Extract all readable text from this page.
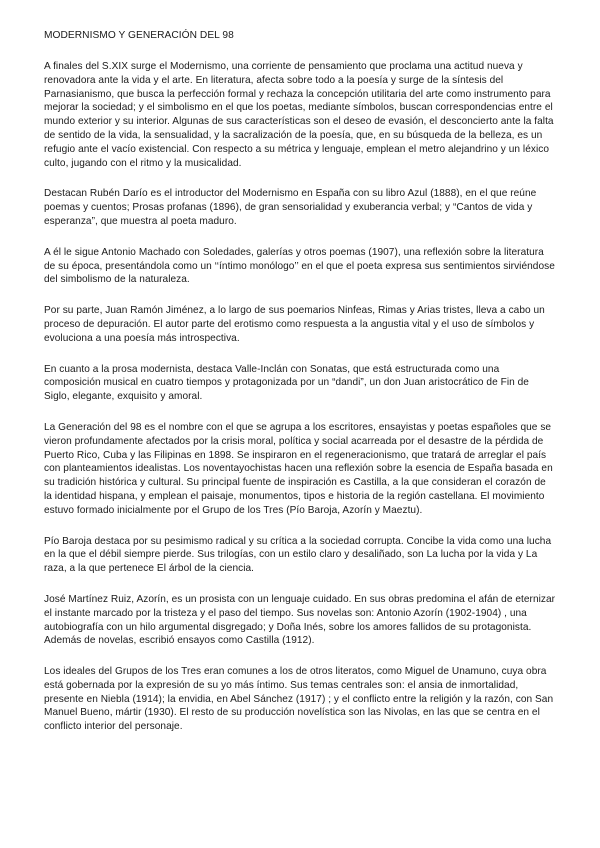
MODERNISMO Y GENERACIÓN DEL 98

A finales del S.XIX surge el Modernismo, una corriente de pensamiento que proclama una actitud nueva y renovadora ante la vida y el arte. En literatura, afecta sobre todo a la poesía y surge de la síntesis del Parnasianismo, que busca la perfección formal y rechaza la concepción utilitaria del arte como instrumento para mejorar la sociedad; y el simbolismo en el que los poetas, mediante símbolos, buscan correspondencias entre el mundo exterior y su interior. Algunas de sus características son el deseo de evasión, el desconcierto ante la falta de sentido de la vida, la sensualidad, y la sacralización de la poesía, que, en su búsqueda de la belleza, es un refugio ante el vacío existencial. Con respecto a su métrica y lenguaje, emplean el metro alejandrino y un léxico culto, jugando con el ritmo y la musicalidad.

Destacan Rubén Darío es el introductor del Modernismo en España con su libro Azul (1888), en el que reúne poemas y cuentos; Prosas profanas (1896), de gran sensorialidad y exuberancia verbal; y “Cantos de vida y esperanza”, que muestra al poeta maduro.

A él le sigue Antonio Machado con Soledades, galerías y otros poemas (1907), una reflexión sobre la literatura de su época, presentándola como un ‘‘íntimo monólogo’’ en el que el poeta expresa sus sentimientos sirviéndose del simbolismo de la naturaleza.

Por su parte, Juan Ramón Jiménez, a lo largo de sus poemarios Ninfeas, Rimas y Arias tristes, lleva a cabo un proceso de depuración. El autor parte del erotismo como respuesta a la angustia vital y el uso de símbolos y evoluciona a una poesía más introspectiva.

En cuanto a la prosa modernista, destaca Valle-Inclán con Sonatas, que está estructurada como una composición musical en cuatro tiempos y protagonizada por un “dandi”, un don Juan aristocrático de Fin de Siglo, elegante, exquisito y amoral.

La Generación del 98 es el nombre con el que se agrupa a los escritores, ensayistas y poetas españoles que se vieron profundamente afectados por la crisis moral, política y social acarreada por el desastre de la pérdida de Puerto Rico, Cuba y las Filipinas en 1898. Se inspiraron en el regeneracionismo, que tratará de arreglar el país con planteamientos idealistas. Los noventayochistas hacen una reflexión sobre la esencia de España basada en su tradición histórica y cultural. Su principal fuente de inspiración es Castilla, a la que consideran el corazón de la identidad hispana, y emplean el paisaje, monumentos, tipos e historia de la región castellana. El movimiento estuvo formado inicialmente por el Grupo de los Tres (Pío Baroja, Azorín y Maeztu).

Pío Baroja destaca por su pesimismo radical y su crítica a la sociedad corrupta. Concibe la vida como una lucha en la que el débil siempre pierde. Sus trilogías, con un estilo claro y desaliñado, son La lucha por la vida y La raza, a la que pertenece El árbol de la ciencia.

José Martínez Ruiz, Azorín, es un prosista con un lenguaje cuidado. En sus obras predomina el afán de eternizar el instante marcado por la tristeza y el paso del tiempo. Sus novelas son: Antonio Azorín (1902-1904) , una autobiografía con un hilo argumental disgregado; y Doña Inés, sobre los amores fallidos de su protagonista. Además de novelas, escribió ensayos como Castilla (1912).

Los ideales del Grupos de los Tres eran comunes a los de otros literatos, como Miguel de Unamuno, cuya obra está gobernada por la expresión de su yo más íntimo. Sus temas centrales son: el ansia de inmortalidad, presente en Niebla (1914); la envidia, en Abel Sánchez (1917) ; y el conflicto entre la religión y la razón, con San Manuel Bueno, mártir (1930). El resto de su producción novelística son las Nivolas, en las que se centra en el conflicto interior del personaje.
